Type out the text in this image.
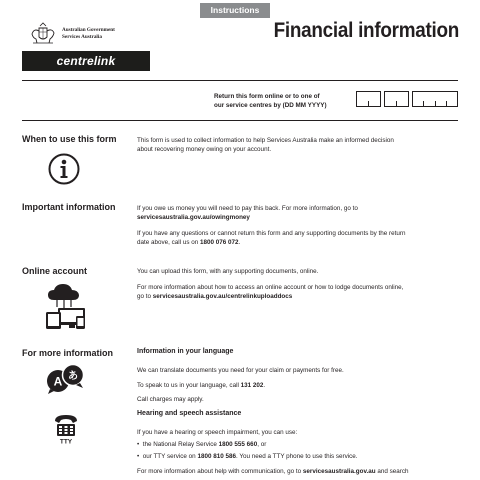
Instructions
Australian Government
Services Australia
centrelink
Financial information
Return this form online or to one of
our service centres by (DD MM YYYY)
When to use this form	This form is used to collect information to help Services Australia make an informed decision
about recovering money owing on your account.
Important information	If you owe us money you will need to pay this back. For more information, go to
servicesaustralia.gov.au/owingmoney
If you have any questions or cannot return this form and any supporting documents by the return
date above, call us on 1800 076 072.
Online account	You can upload this form, with any supporting documents, online.
For more information about how to access an online account or how to lodge documents online,
go to servicesaustralia.gov.au/centrelinkuploaddocs
For more information
A あ
TTY
Information in your language
We can translate documents you need for your claim or payments for free.
To speak to us in your language, call 131 202.
Call charges may apply.
Hearing and speech assistance
If you have a hearing or speech impairment, you can use:
•  the National Relay Service 1800 555 660, or
•  our TTY service on 1800 810 586. You need a TTY phone to use this service.
For more information about help with communication, go to servicesaustralia.gov.au and search
